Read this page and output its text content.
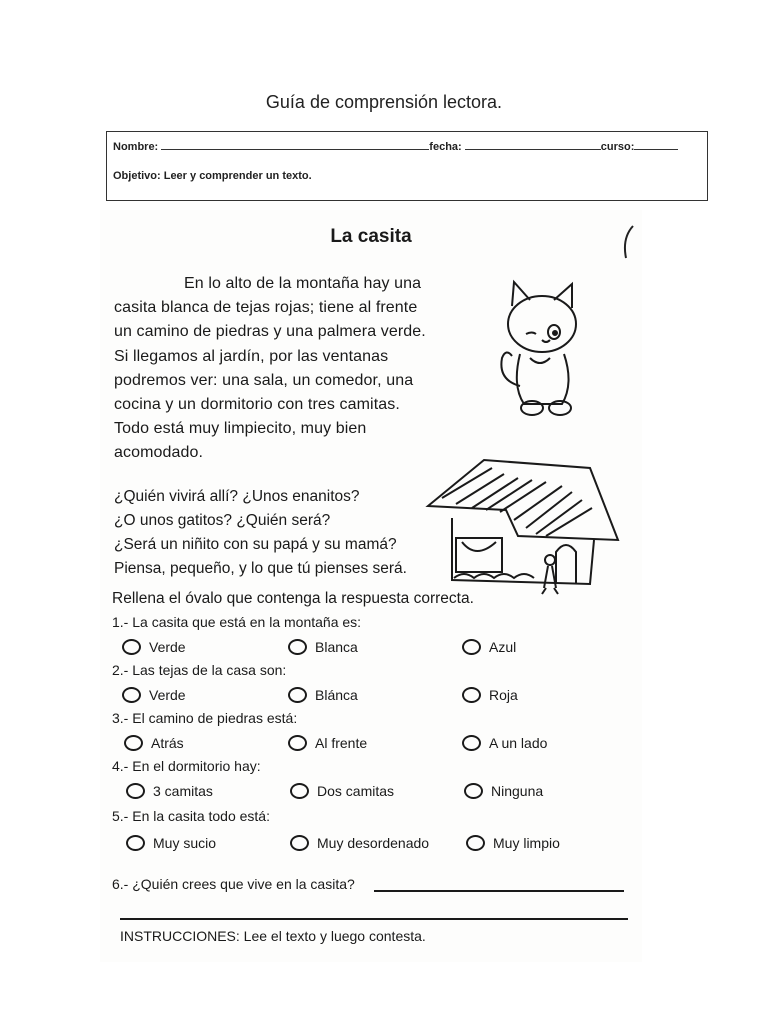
Guía de comprensión lectora.
Nombre:	fecha:	curso:
Objetivo: Leer y comprender un texto.
La casita

En lo alto de la montaña hay una

casita blanca de tejas rojas; tiene al frente

un camino de piedras y una palmera verde.

Si llegamos al jardín, por las ventanas

podremos ver: una sala, un comedor, una

cocina y un dormitorio con tres camitas.

Todo está muy limpiecito, muy bien

acomodado.

¿Quién vivirá allí? ¿Unos enanitos?

¿O unos gatitos? ¿Quién será?

¿Será un niñito con su papá y su mamá?

Piensa, pequeño, y lo que tú pienses será.

Rellena el óvalo que contenga la respuesta correcta.
1.- La casita que está en la montaña es:
Verde	Blanca	Azul
2.- Las tejas de la casa son:
Verde	Blánca	Roja
3.- El camino de piedras está:
Atrás	Al frente	A un lado
4.- En el dormitorio hay:
3 camitas	Dos camitas	Ninguna
5.- En la casita todo está:
Muy sucio	Muy desordenado	Muy limpio
6.- ¿Quién crees que vive en la casita?
INSTRUCCIONES: Lee el texto y luego contesta.
